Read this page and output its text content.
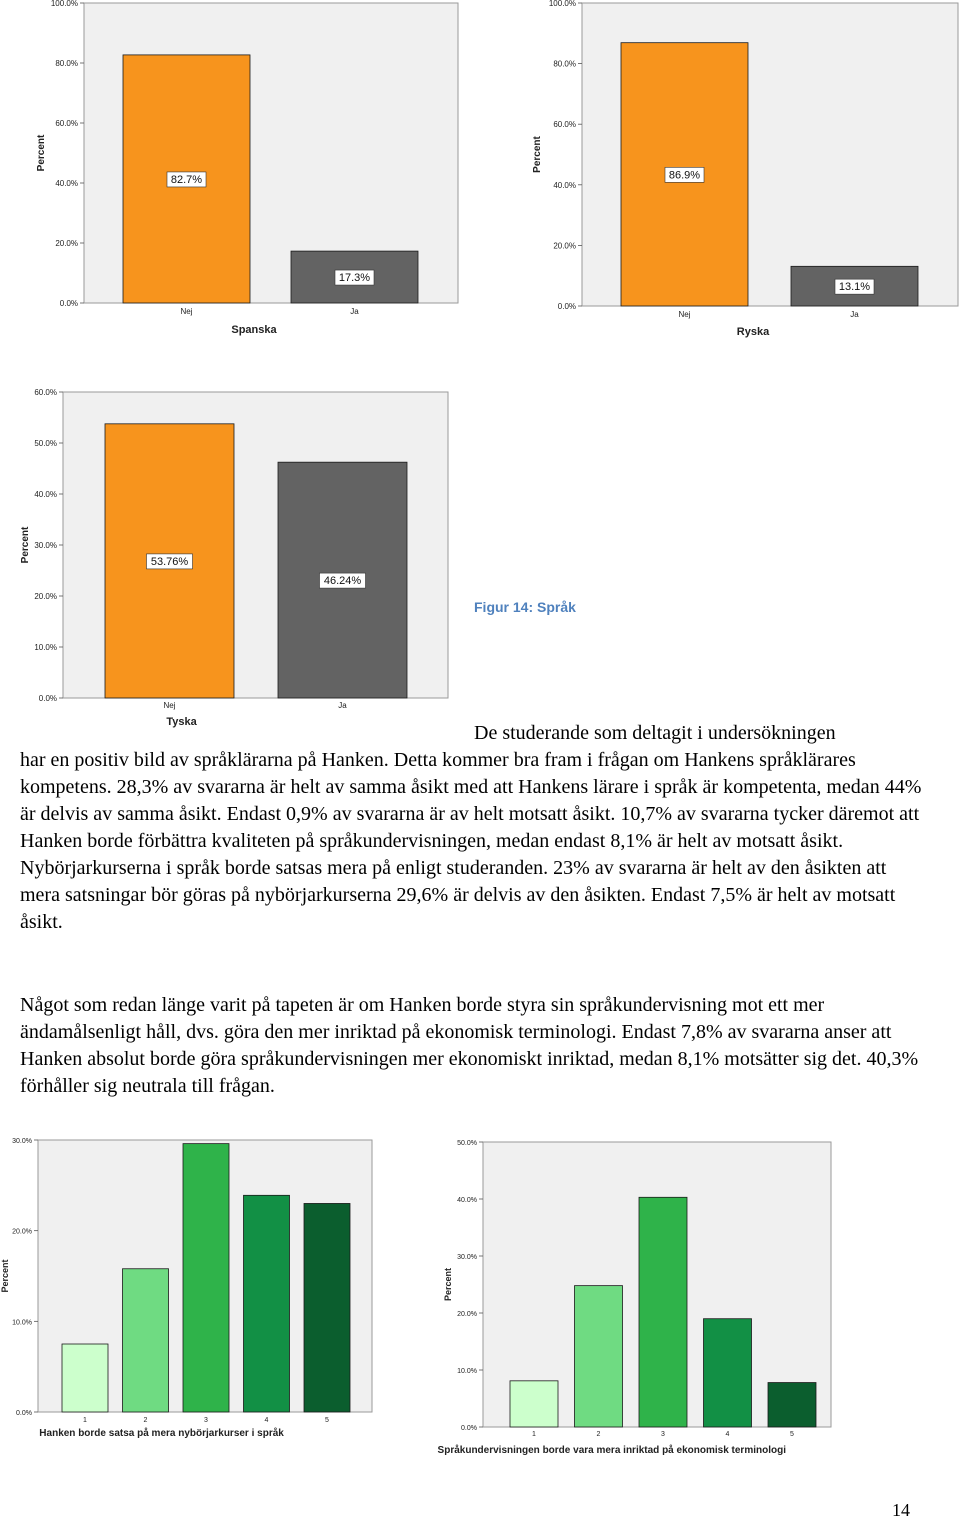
0.0%
20.0%
40.0%
60.0%
80.0%
100.0%
Percent
Nej
82.7%
Ja
17.3%
Spanska
0.0%
20.0%
40.0%
60.0%
80.0%
100.0%
Percent
Nej
86.9%
Ja
13.1%
Ryska
0.0%
10.0%
20.0%
30.0%
40.0%
50.0%
60.0%
Percent
Nej
53.76%
Ja
46.24%
Tyska
0.0%
10.0%
20.0%
30.0%
Percent
1	2	3	4	5
Hanken borde satsa på mera nybörjarkurser i språk	0.0%
10.0%
20.0%
30.0%
40.0%
50.0%
Percent
1	2	3	4	5
Språkundervisningen borde vara mera inriktad på ekonomisk terminologi
Figur 14: Språk

De studerande som deltagit i undersökningen

har en positiv bild av språklärarna på Hanken. Detta kommer bra fram i frågan om Hankens språklärares kompetens. 28,3% av svararna är helt av samma åsikt med att Hankens lärare i språk är kompetenta, medan 44% är delvis av samma åsikt. Endast 0,9% av svararna är av helt motsatt åsikt. 10,7% av svararna tycker däremot att Hanken borde förbättra kvaliteten på språkundervisningen, medan endast 8,1% är helt av motsatt åsikt. Nybörjarkurserna i språk borde satsas mera på enligt studeranden. 23% av svararna är helt av den åsikten att mera satsningar bör göras på nybörjarkurserna 29,6% är delvis av den åsikten. Endast 7,5% är helt av motsatt åsikt.

Något som redan länge varit på tapeten är om Hanken borde styra sin språkundervisning mot ett mer ändamålsenligt håll, dvs. göra den mer inriktad på ekonomisk terminologi. Endast 7,8% av svararna anser att Hanken absolut borde göra språkundervisningen mer ekonomiskt inriktad, medan 8,1% motsätter sig det. 40,3% förhåller sig neutrala till frågan.

14
